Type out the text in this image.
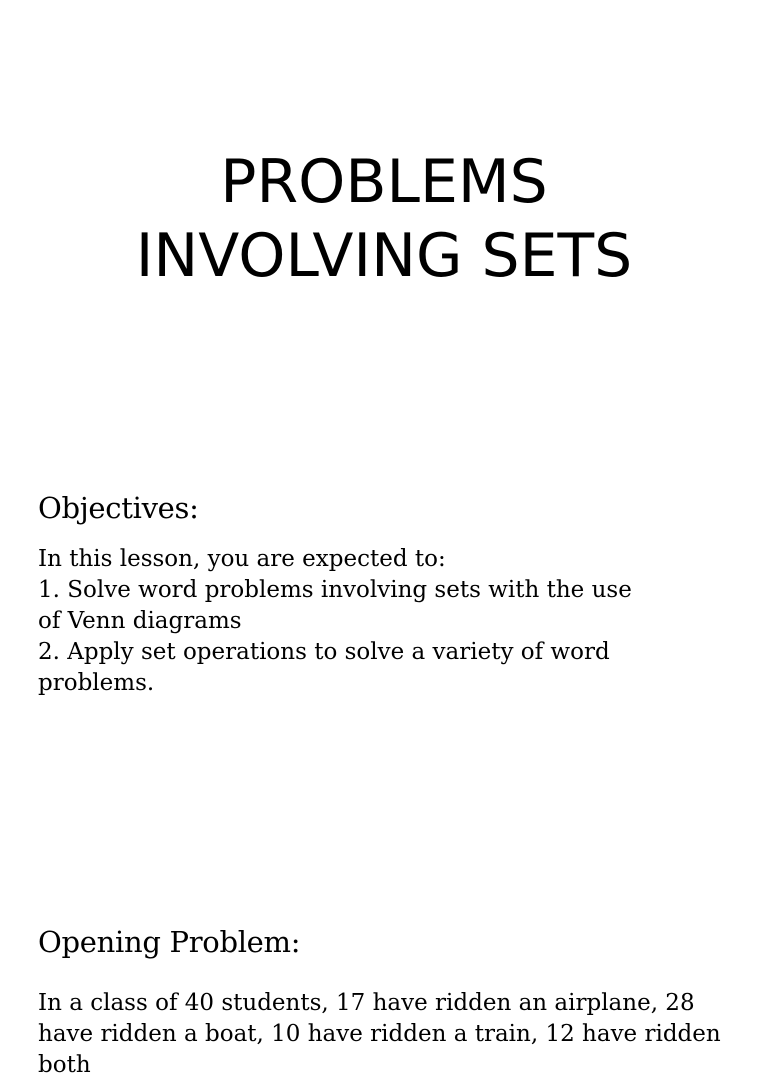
PROBLEMS
INVOLVING SETS
Objectives:
In this lesson, you are expected to:
1. Solve word problems involving sets with the use
of Venn diagrams
2. Apply set operations to solve a variety of word
problems.
Opening Problem:

In a class of 40 students, 17 have ridden an airplane, 28 have ridden a boat, 10 have ridden a train, 12 have ridden both
